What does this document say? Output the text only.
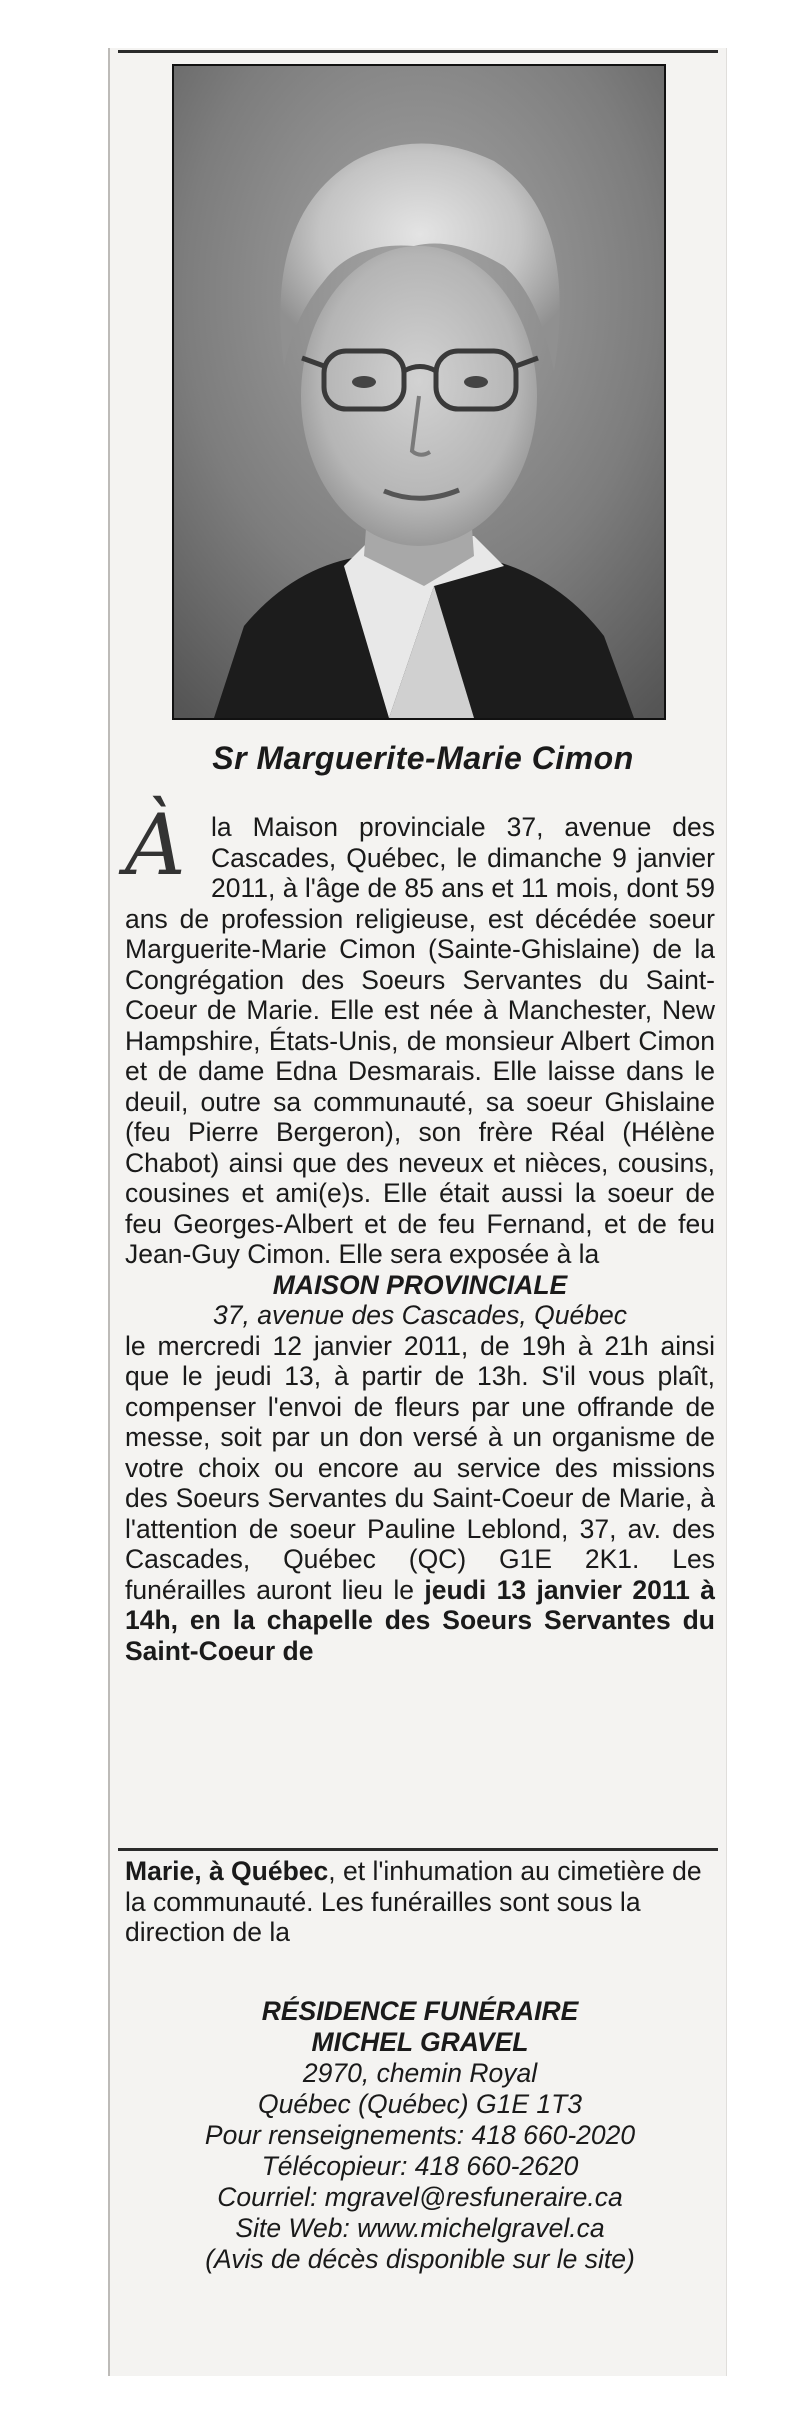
Sr Marguerite-Marie Cimon
À la Maison provinciale 37, avenue des Cascades, Québec, le dimanche 9 janvier 2011, à l'âge de 85 ans et 11 mois, dont 59 ans de profession religieuse, est décédée soeur Marguerite-Marie Cimon (Sainte-Ghislaine) de la Congrégation des Soeurs Servantes du Saint-Coeur de Marie. Elle est née à Manchester, New Hampshire, États-Unis, de monsieur Albert Cimon et de dame Edna Desmarais. Elle laisse dans le deuil, outre sa communauté, sa soeur Ghislaine (feu Pierre Bergeron), son frère Réal (Hélène Chabot) ainsi que des neveux et nièces, cousins, cousines et ami(e)s. Elle était aussi la soeur de feu Georges-Albert et de feu Fernand, et de feu Jean-Guy Cimon. Elle sera exposée à la
MAISON PROVINCIALE
37, avenue des Cascades, Québec
le mercredi 12 janvier 2011, de 19h à 21h ainsi que le jeudi 13, à partir de 13h. S'il vous plaît, compenser l'envoi de fleurs par une offrande de messe, soit par un don versé à un organisme de votre choix ou encore au service des missions des Soeurs Servantes du Saint-Coeur de Marie, à l'attention de soeur Pauline Leblond, 37, av. des Cascades, Québec (QC) G1E 2K1. Les funérailles auront lieu le jeudi 13 janvier 2011 à 14h, en la chapelle des Soeurs Servantes du Saint-Coeur de
Marie, à Québec, et l'inhumation au cimetière de la communauté. Les funérailles sont sous la direction de la
RÉSIDENCE FUNÉRAIRE
MICHEL GRAVEL
2970, chemin Royal
Québec (Québec) G1E 1T3
Pour renseignements: 418 660-2020
Télécopieur: 418 660-2620
Courriel: mgravel@resfuneraire.ca
Site Web: www.michelgravel.ca
(Avis de décès disponible sur le site)
